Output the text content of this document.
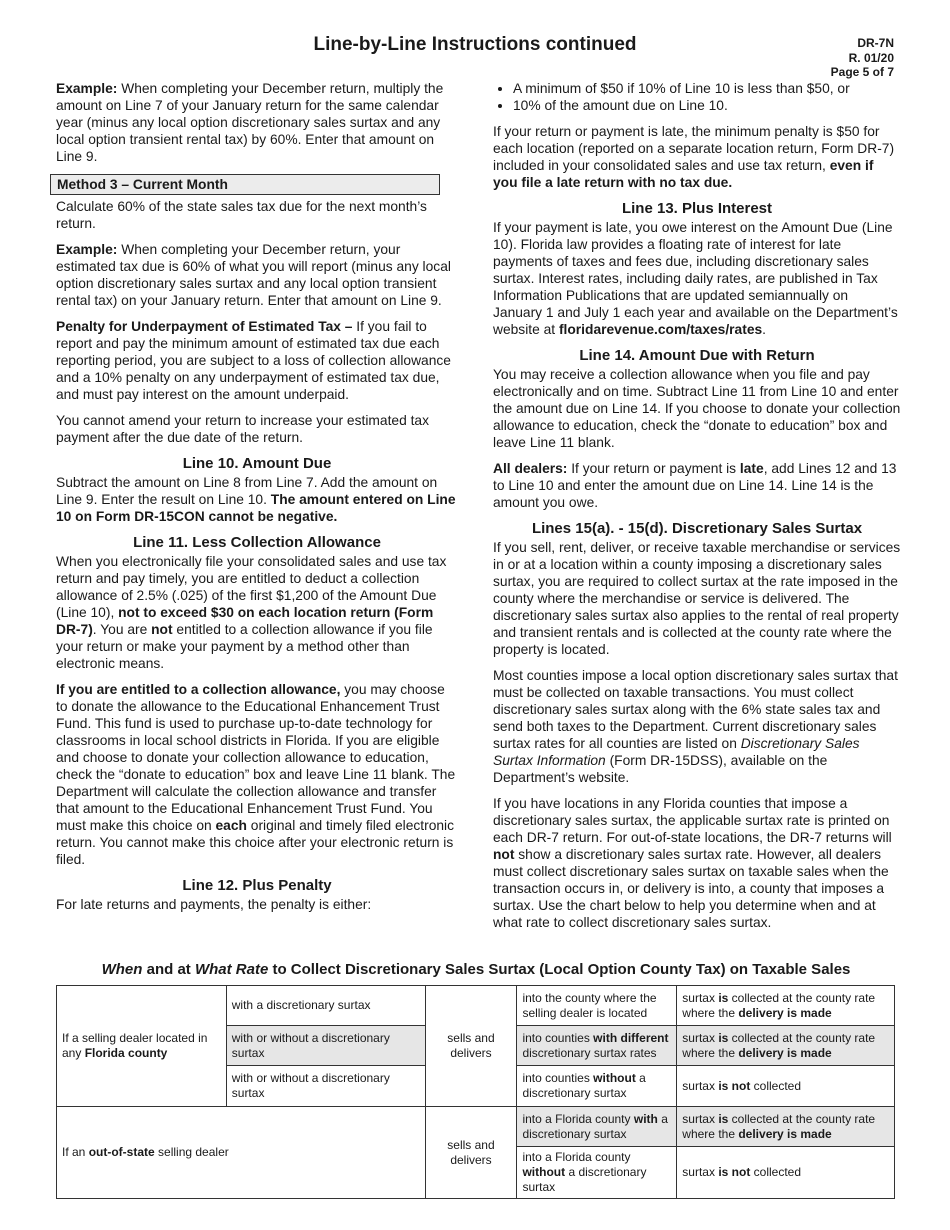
Line-by-Line Instructions continued	DR-7N
R. 01/20
Page 5 of 7

Example: When completing your December return, multiply the amount on Line 7 of your January return for the same calendar year (minus any local option discretionary sales surtax and any local option transient rental tax) by 60%. Enter that amount on Line 9.

Method 3 – Current Month

Calculate 60% of the state sales tax due for the next month’s return.

Example: When completing your December return, your estimated tax due is 60% of what you will report (minus any local option discretionary sales surtax and any local option transient rental tax) on your January return. Enter that amount on Line 9.

Penalty for Underpayment of Estimated Tax – If you fail to report and pay the minimum amount of estimated tax due each reporting period, you are subject to a loss of collection allowance and a 10% penalty on any underpayment of estimated tax due, and must pay interest on the amount underpaid.

You cannot amend your return to increase your estimated tax payment after the due date of the return.

Line 10. Amount Due

Subtract the amount on Line 8 from Line 7. Add the amount on Line 9. Enter the result on Line 10. The amount entered on Line 10 on Form DR-15CON cannot be negative.

Line 11. Less Collection Allowance

When you electronically file your consolidated sales and use tax return and pay timely, you are entitled to deduct a collection allowance of 2.5% (.025) of the first $1,200 of the Amount Due (Line 10), not to exceed $30 on each location return (Form DR-7). You are not entitled to a collection allowance if you file your return or make your payment by a method other than electronic means.

If you are entitled to a collection allowance, you may choose to donate the allowance to the Educational Enhancement Trust Fund. This fund is used to purchase up-to-date technology for classrooms in local school districts in Florida. If you are eligible and choose to donate your collection allowance to education, check the “donate to education” box and leave Line 11 blank. The Department will calculate the collection allowance and transfer that amount to the Educational Enhancement Trust Fund. You must make this choice on each original and timely filed electronic return. You cannot make this choice after your electronic return is filed.

Line 12. Plus Penalty

For late returns and payments, the penalty is either:

• A minimum of $50 if 10% of Line 10 is less than $50, or
• 10% of the amount due on Line 10.

If your return or payment is late, the minimum penalty is $50 for each location (reported on a separate location return, Form DR-7) included in your consolidated sales and use tax return, even if you file a late return with no tax due.

Line 13. Plus Interest

If your payment is late, you owe interest on the Amount Due (Line 10). Florida law provides a floating rate of interest for late payments of taxes and fees due, including discretionary sales surtax. Interest rates, including daily rates, are published in Tax Information Publications that are updated semiannually on January 1 and July 1 each year and available on the Department’s website at floridarevenue.com/taxes/rates.

Line 14. Amount Due with Return

You may receive a collection allowance when you file and pay electronically and on time. Subtract Line 11 from Line 10 and enter the amount due on Line 14. If you choose to donate your collection allowance to education, check the “donate to education” box and leave Line 11 blank.

All dealers: If your return or payment is late, add Lines 12 and 13 to Line 10 and enter the amount due on Line 14. Line 14 is the amount you owe.

Lines 15(a). - 15(d). Discretionary Sales Surtax

If you sell, rent, deliver, or receive taxable merchandise or services in or at a location within a county imposing a discretionary sales surtax, you are required to collect surtax at the rate imposed in the county where the merchandise or service is delivered. The discretionary sales surtax also applies to the rental of real property and transient rentals and is collected at the county rate where the property is located.

Most counties impose a local option discretionary sales surtax that must be collected on taxable transactions. You must collect discretionary sales surtax along with the 6% state sales tax and send both taxes to the Department. Current discretionary sales surtax rates for all counties are listed on Discretionary Sales Surtax Information (Form DR-15DSS), available on the Department’s website.

If you have locations in any Florida counties that impose a discretionary sales surtax, the applicable surtax rate is printed on each DR-7 return. For out-of-state locations, the DR-7 returns will not show a discretionary sales surtax rate. However, all dealers must collect discretionary sales surtax on taxable sales when the transaction occurs in, or delivery is into, a county that imposes a surtax. Use the chart below to help you determine when and at what rate to collect discretionary sales surtax.

When and at What Rate to Collect Discretionary Sales Surtax (Local Option County Tax) on Taxable Sales
If a selling dealer located in any Florida county	with a discretionary surtax	sells and delivers	into the county where the selling dealer is located	surtax is collected at the county rate where the delivery is made
	with or without a discretionary surtax		into counties with different discretionary surtax rates	surtax is collected at the county rate where the delivery is made
	with or without a discretionary surtax		into counties without a discretionary surtax	surtax is not collected
If an out-of-state selling dealer		sells and delivers	into a Florida county with a discretionary surtax	surtax is collected at the county rate where the delivery is made
			into a Florida county without a discretionary surtax	surtax is not collected
